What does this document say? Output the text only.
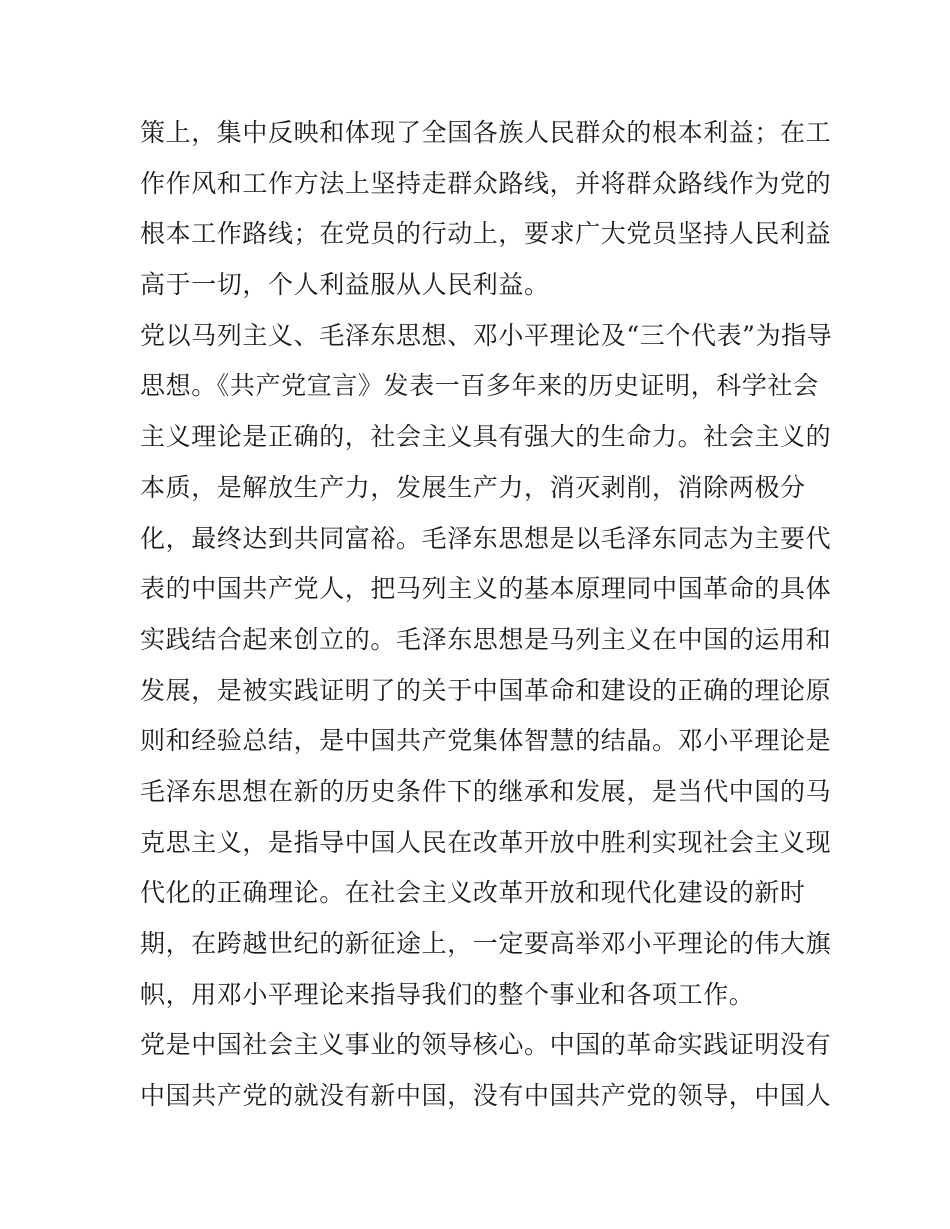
策上，集中反映和体现了全国各族人民群众的根本利益；在工
作作风和工作方法上坚持走群众路线，并将群众路线作为党的
根本工作路线；在党员的行动上，要求广大党员坚持人民利益
高于一切，个人利益服从人民利益。
党以马列主义、毛泽东思想、邓小平理论及“三个代表”为指导
思想。《共产党宣言》发表一百多年来的历史证明，科学社会
主义理论是正确的，社会主义具有强大的生命力。社会主义的
本质，是解放生产力，发展生产力，消灭剥削，消除两极分
化，最终达到共同富裕。毛泽东思想是以毛泽东同志为主要代
表的中国共产党人，把马列主义的基本原理同中国革命的具体
实践结合起来创立的。毛泽东思想是马列主义在中国的运用和
发展，是被实践证明了的关于中国革命和建设的正确的理论原
则和经验总结，是中国共产党集体智慧的结晶。邓小平理论是
毛泽东思想在新的历史条件下的继承和发展，是当代中国的马
克思主义，是指导中国人民在改革开放中胜利实现社会主义现
代化的正确理论。在社会主义改革开放和现代化建设的新时
期，在跨越世纪的新征途上，一定要高举邓小平理论的伟大旗
帜，用邓小平理论来指导我们的整个事业和各项工作。
党是中国社会主义事业的领导核心。中国的革命实践证明没有
中国共产党的就没有新中国，没有中国共产党的领导，中国人
